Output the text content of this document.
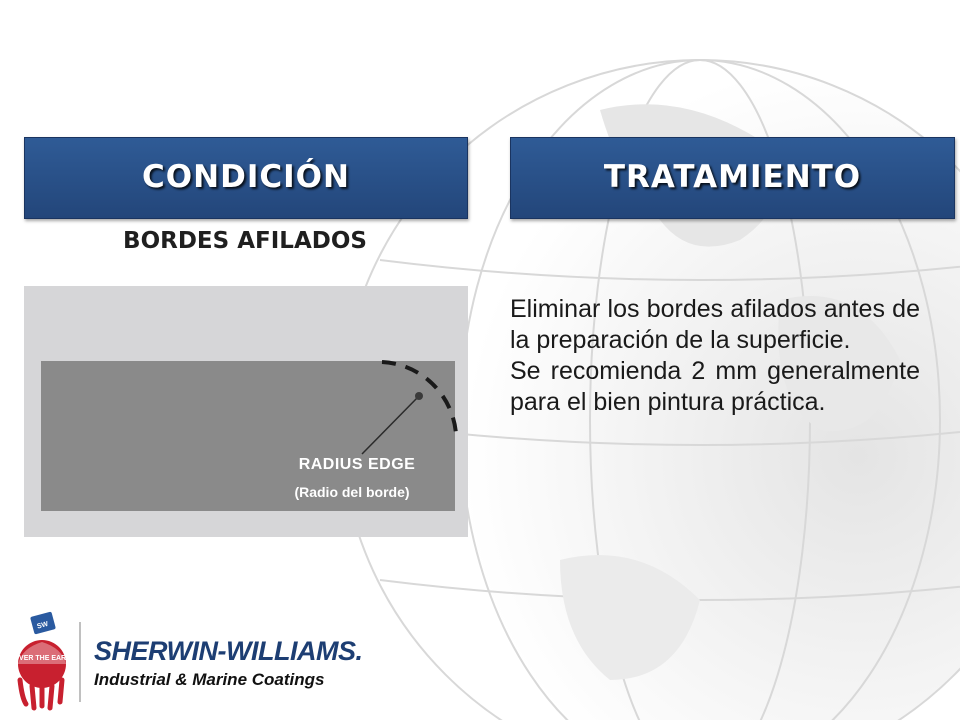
CONDICIÓN	TRATAMIENTO
BORDES AFILADOS
RADIUS EDGE
(Radio del borde)

Eliminar los bordes afilados antes de la preparación de la superficie.

Se recomienda 2 mm generalmente para el bien pintura práctica.

COVER THE EARTH
SW
SHERWIN-WILLIAMS.
Industrial & Marine Coatings
